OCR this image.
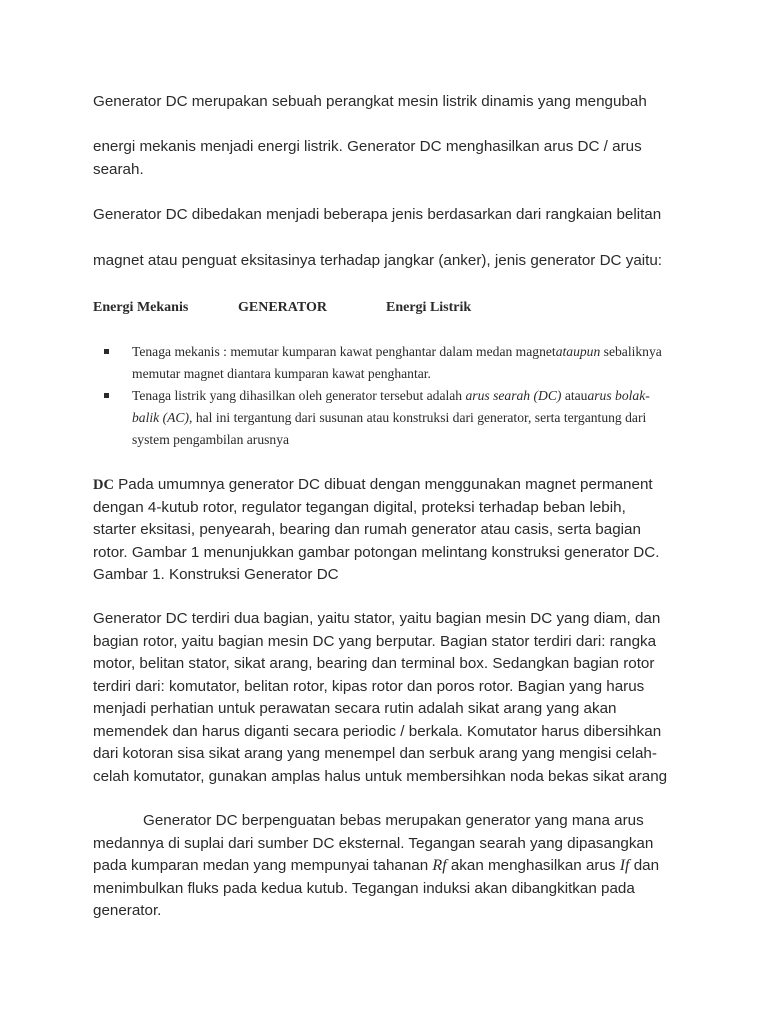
Generator DC merupakan sebuah perangkat mesin listrik dinamis yang mengubah

energi mekanis menjadi energi listrik. Generator DC menghasilkan arus DC / arus searah.

Generator DC dibedakan menjadi beberapa jenis berdasarkan dari rangkaian belitan

magnet atau penguat eksitasinya terhadap jangkar (anker), jenis generator DC yaitu:

Energi Mekanis	GENERATOR	Energi Listrik
Tenaga mekanis : memutar kumparan kawat penghantar dalam medan magnetataupun sebaliknya memutar magnet diantara kumparan kawat penghantar.
Tenaga listrik yang dihasilkan oleh generator tersebut adalah arus searah (DC) atauarus bolak-balik (AC), hal ini tergantung dari susunan atau konstruksi dari generator, serta tergantung dari system pengambilan arusnya

DC Pada umumnya generator DC dibuat dengan menggunakan magnet permanent dengan 4-kutub rotor, regulator tegangan digital, proteksi terhadap beban lebih, starter eksitasi, penyearah, bearing dan rumah generator atau casis, serta bagian rotor. Gambar 1 menunjukkan gambar potongan melintang konstruksi generator DC. Gambar 1. Konstruksi Generator DC

Generator DC terdiri dua bagian, yaitu stator, yaitu bagian mesin DC yang diam, dan bagian rotor, yaitu bagian mesin DC yang berputar. Bagian stator terdiri dari: rangka motor, belitan stator, sikat arang, bearing dan terminal box. Sedangkan bagian rotor terdiri dari: komutator, belitan rotor, kipas rotor dan poros rotor. Bagian yang harus menjadi perhatian untuk perawatan secara rutin adalah sikat arang yang akan memendek dan harus diganti secara periodic / berkala. Komutator harus dibersihkan dari kotoran sisa sikat arang yang menempel dan serbuk arang yang mengisi celah-celah komutator, gunakan amplas halus untuk membersihkan noda bekas sikat arang

Generator DC berpenguatan bebas merupakan generator yang mana arus medannya di suplai dari sumber DC eksternal. Tegangan searah yang dipasangkan pada kumparan medan yang mempunyai tahanan Rf akan menghasilkan arus If dan menimbulkan fluks pada kedua kutub. Tegangan induksi akan dibangkitkan pada generator.
